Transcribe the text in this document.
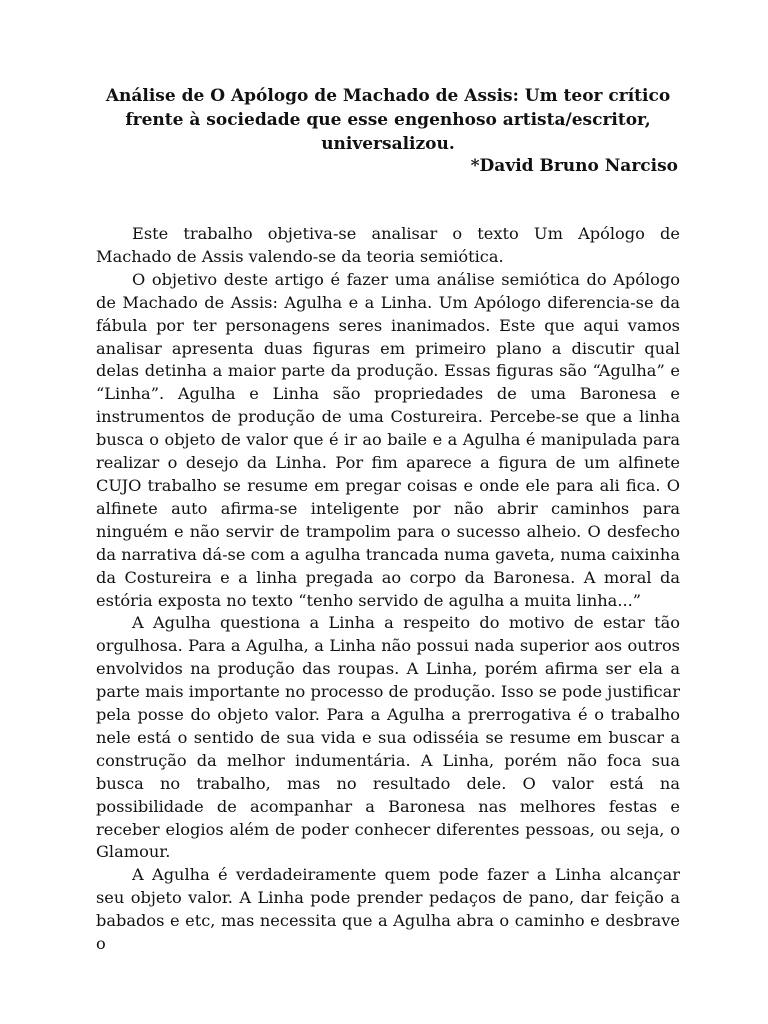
Análise de O Apólogo de Machado de Assis: Um teor crítico frente à sociedade que esse engenhoso artista/escritor, universalizou.

*David Bruno Narciso

Este trabalho objetiva-se analisar o texto Um Apólogo de Machado de Assis valendo-se da teoria semiótica.

O objetivo deste artigo é fazer uma análise semiótica do Apólogo de Machado de Assis: Agulha e a Linha. Um Apólogo diferencia-se da fábula por ter personagens seres inanimados. Este que aqui vamos analisar apresenta duas figuras em primeiro plano a discutir qual delas detinha a maior parte da produção. Essas figuras são “Agulha” e “Linha”. Agulha e Linha são propriedades de uma Baronesa e instrumentos de produção de uma Costureira. Percebe-se que a linha busca o objeto de valor que é ir ao baile e a Agulha é manipulada para realizar o desejo da Linha. Por fim aparece a figura de um alfinete CUJO trabalho se resume em pregar coisas e onde ele para ali fica. O alfinete auto afirma-se inteligente por não abrir caminhos para ninguém e não servir de trampolim para o sucesso alheio. O desfecho da narrativa dá-se com a agulha trancada numa gaveta, numa caixinha da Costureira e a linha pregada ao corpo da Baronesa. A moral da estória exposta no texto “tenho servido de agulha a muita linha...”

A Agulha questiona a Linha a respeito do motivo de estar tão orgulhosa. Para a Agulha, a Linha não possui nada superior aos outros envolvidos na produção das roupas. A Linha, porém afirma ser ela a parte mais importante no processo de produção. Isso se pode justificar pela posse do objeto valor. Para a Agulha a prerrogativa é o trabalho nele está o sentido de sua vida e sua odisséia se resume em buscar a construção da melhor indumentária. A Linha, porém não foca sua busca no trabalho, mas no resultado dele. O valor está na possibilidade de acompanhar a Baronesa nas melhores festas e receber elogios além de poder conhecer diferentes pessoas, ou seja, o Glamour.

A Agulha é verdadeiramente quem pode fazer a Linha alcançar seu objeto valor. A Linha pode prender pedaços de pano, dar feição a babados e etc, mas necessita que a Agulha abra o caminho e desbrave o
